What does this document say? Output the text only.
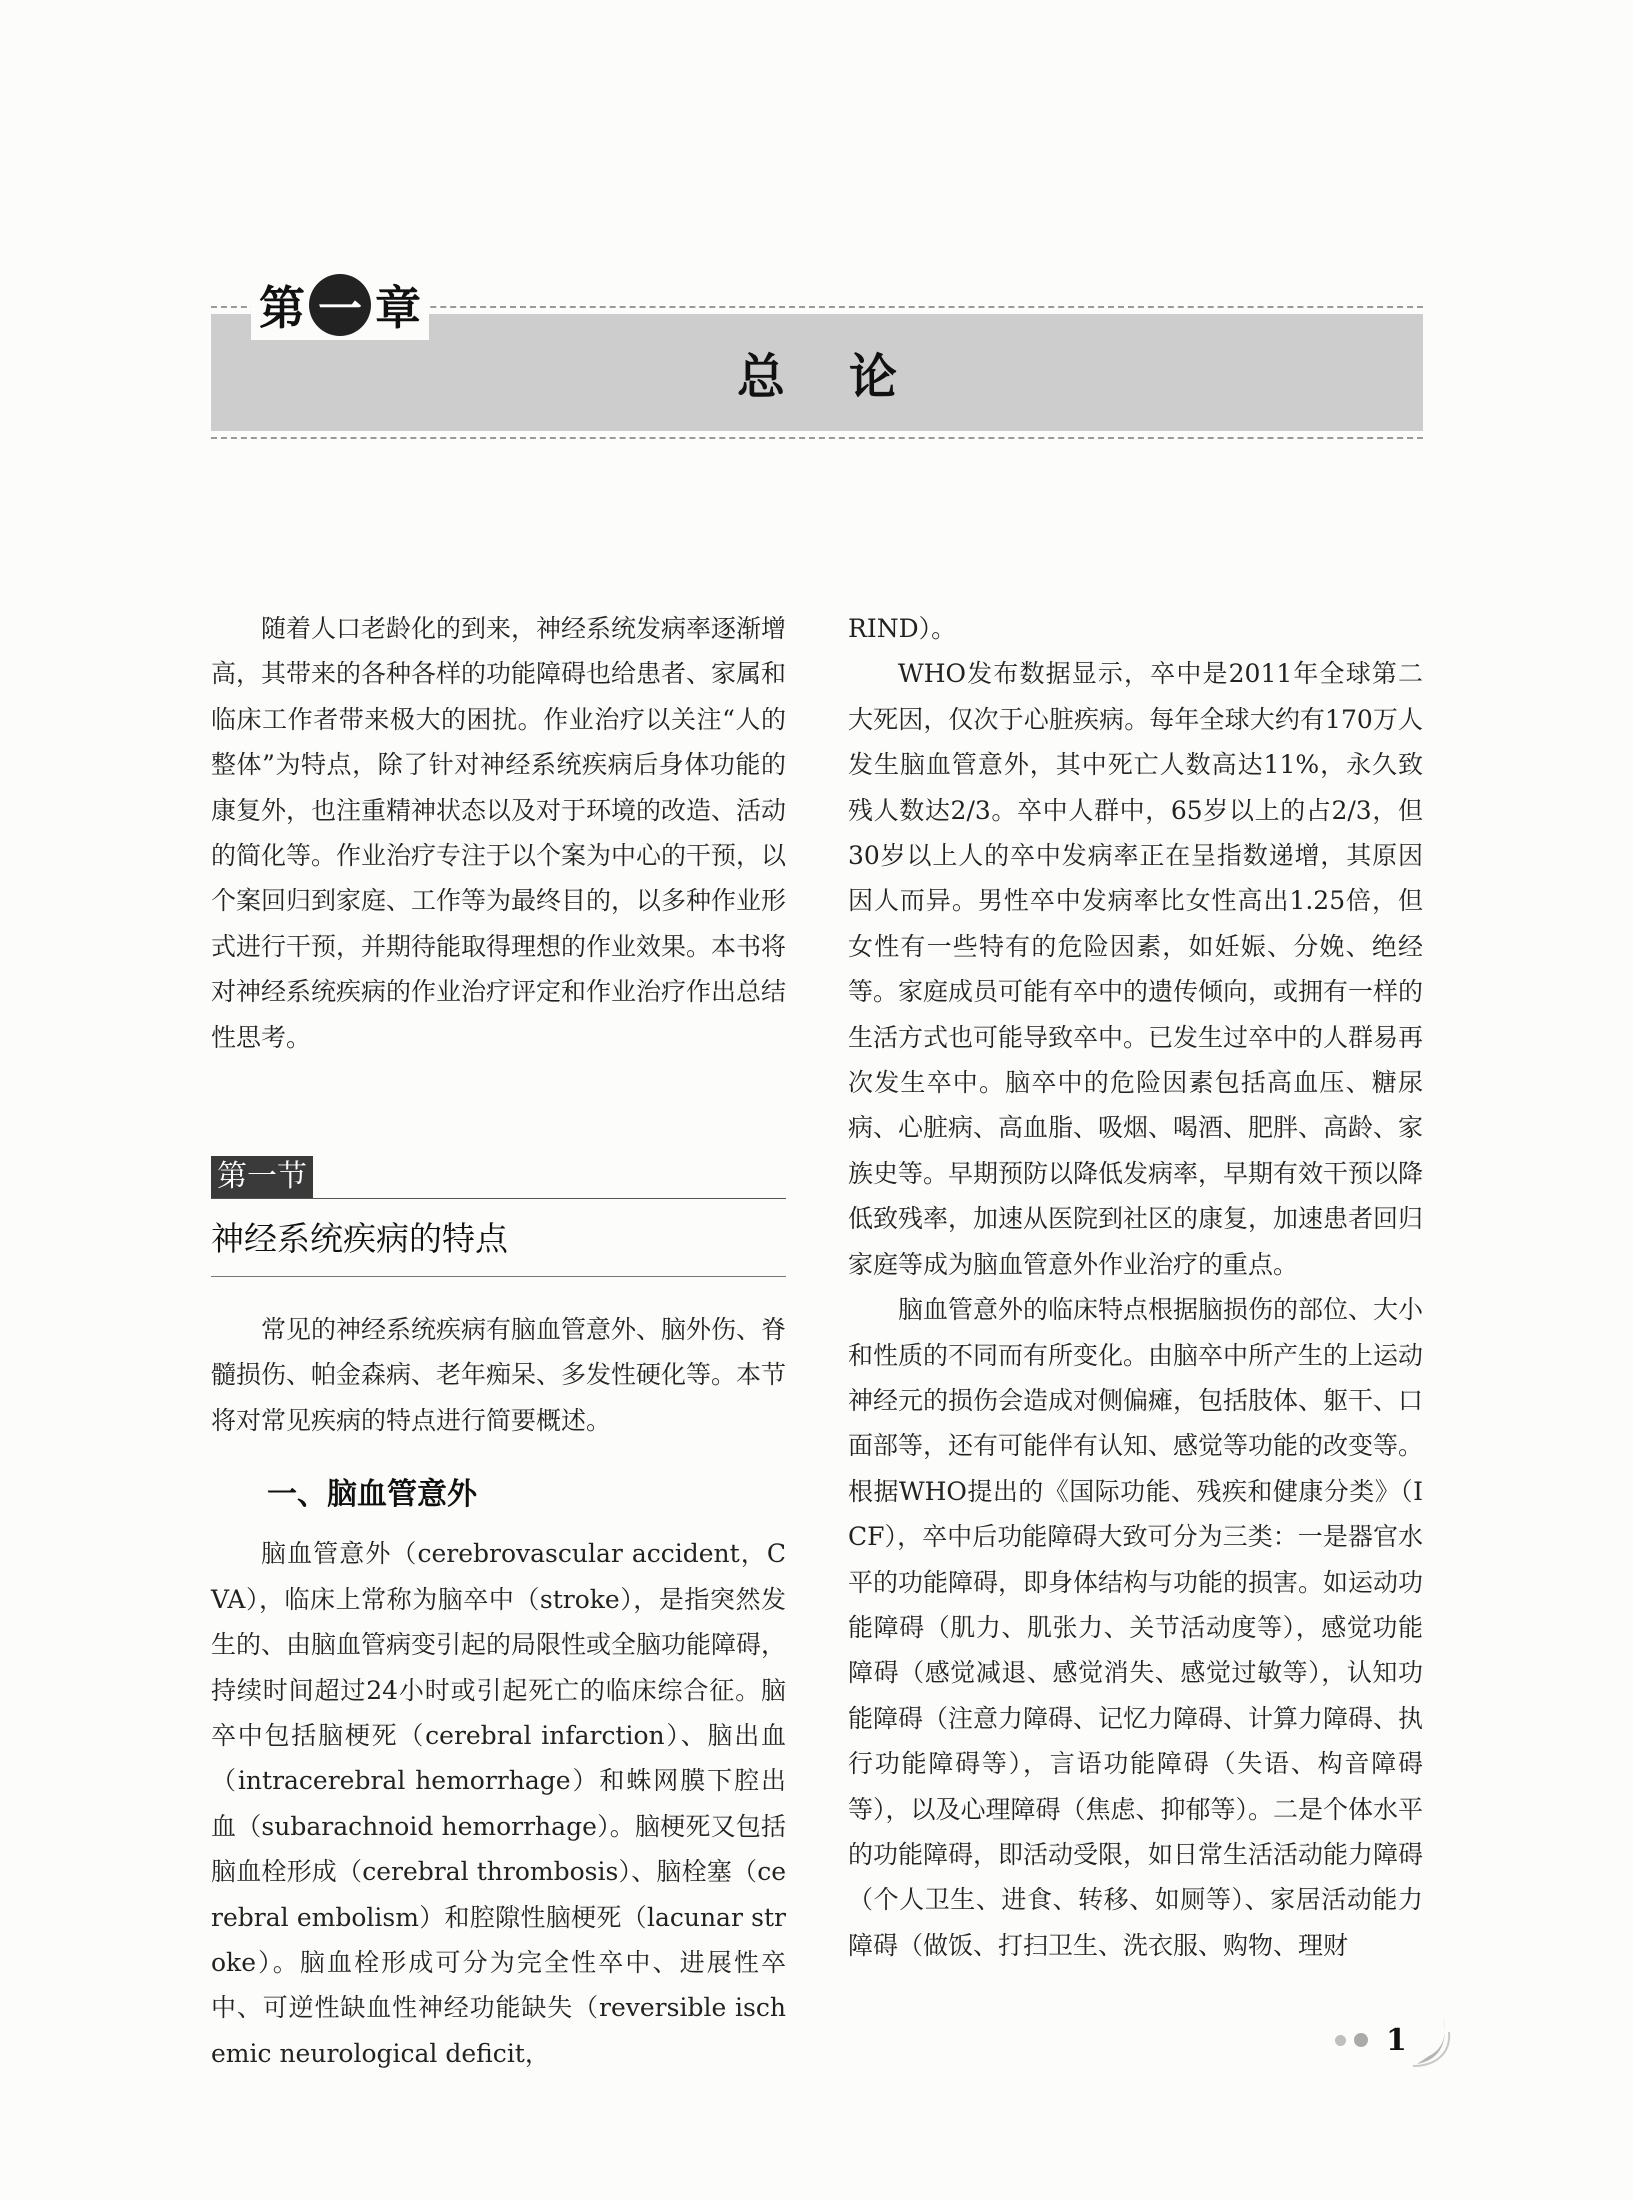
第 一 章
总论

随着人口老龄化的到来，神经系统发病率逐渐增高，其带来的各种各样的功能障碍也给患者、家属和临床工作者带来极大的困扰。作业治疗以关注“人的整体”为特点，除了针对神经系统疾病后身体功能的康复外，也注重精神状态以及对于环境的改造、活动的简化等。作业治疗专注于以个案为中心的干预，以个案回归到家庭、工作等为最终目的，以多种作业形式进行干预，并期待能取得理想的作业效果。本书将对神经系统疾病的作业治疗评定和作业治疗作出总结性思考。

第一节
神经系统疾病的特点

常见的神经系统疾病有脑血管意外、脑外伤、脊髓损伤、帕金森病、老年痴呆、多发性硬化等。本节将对常见疾病的特点进行简要概述。

一、脑血管意外

脑血管意外（cerebrovascular accident，CVA），临床上常称为脑卒中（stroke），是指突然发生的、由脑血管病变引起的局限性或全脑功能障碍，持续时间超过24小时或引起死亡的临床综合征。脑卒中包括脑梗死（cerebral infarction）、脑出血（intracerebral hemorrhage）和蛛网膜下腔出血（subarachnoid hemorrhage）。脑梗死又包括脑血栓形成（cerebral thrombosis）、脑栓塞（cerebral embolism）和腔隙性脑梗死（lacunar stroke）。脑血栓形成可分为完全性卒中、进展性卒中、可逆性缺血性神经功能缺失（reversible ischemic neurological deficit，

RIND）。

WHO发布数据显示，卒中是2011年全球第二大死因，仅次于心脏疾病。每年全球大约有170万人发生脑血管意外，其中死亡人数高达11%，永久致残人数达2/3。卒中人群中，65岁以上的占2/3，但30岁以上人的卒中发病率正在呈指数递增，其原因因人而异。男性卒中发病率比女性高出1.25倍，但女性有一些特有的危险因素，如妊娠、分娩、绝经等。家庭成员可能有卒中的遗传倾向，或拥有一样的生活方式也可能导致卒中。已发生过卒中的人群易再次发生卒中。脑卒中的危险因素包括高血压、糖尿病、心脏病、高血脂、吸烟、喝酒、肥胖、高龄、家族史等。早期预防以降低发病率，早期有效干预以降低致残率，加速从医院到社区的康复，加速患者回归家庭等成为脑血管意外作业治疗的重点。

脑血管意外的临床特点根据脑损伤的部位、大小和性质的不同而有所变化。由脑卒中所产生的上运动神经元的损伤会造成对侧偏瘫，包括肢体、躯干、口面部等，还有可能伴有认知、感觉等功能的改变等。根据WHO提出的《国际功能、残疾和健康分类》（ICF），卒中后功能障碍大致可分为三类：一是器官水平的功能障碍，即身体结构与功能的损害。如运动功能障碍（肌力、肌张力、关节活动度等），感觉功能障碍（感觉减退、感觉消失、感觉过敏等），认知功能障碍（注意力障碍、记忆力障碍、计算力障碍、执行功能障碍等），言语功能障碍（失语、构音障碍等），以及心理障碍（焦虑、抑郁等）。二是个体水平的功能障碍，即活动受限，如日常生活活动能力障碍（个人卫生、进食、转移、如厕等）、家居活动能力障碍（做饭、打扫卫生、洗衣服、购物、理财

1
